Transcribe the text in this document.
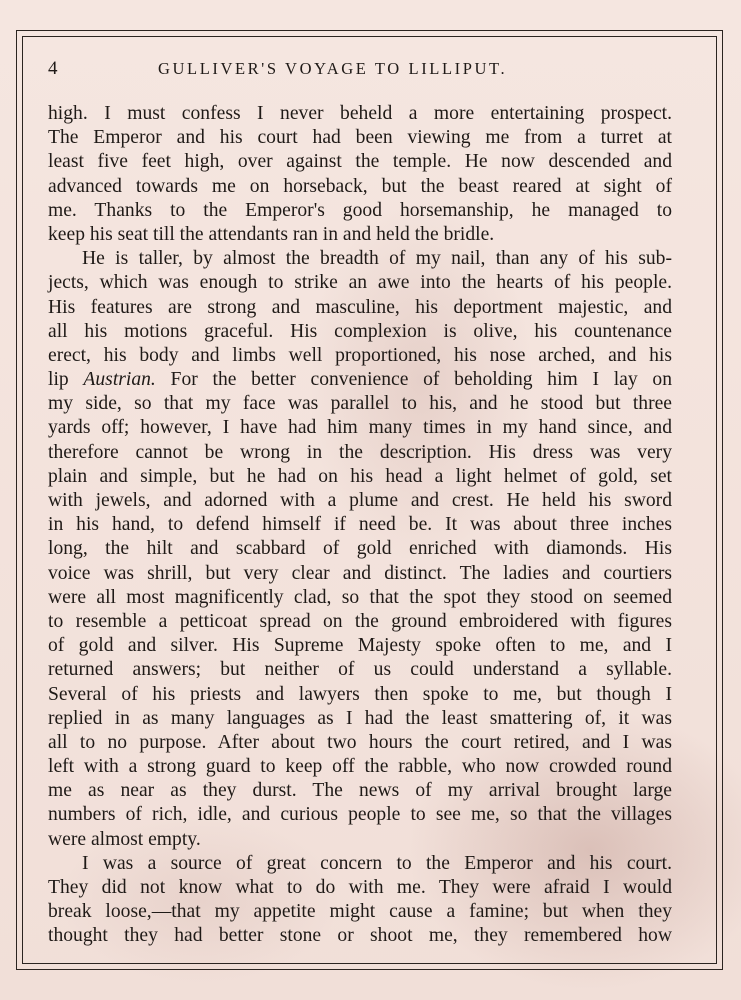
4	GULLIVER'S VOYAGE TO LILLIPUT.
high. I must confess I never beheld a more entertaining prospect.
The Emperor and his court had been viewing me from a turret at
least five feet high, over against the temple. He now descended and
advanced towards me on horseback, but the beast reared at sight of
me. Thanks to the Emperor's good horsemanship, he managed to
keep his seat till the attendants ran in and held the bridle.
He is taller, by almost the breadth of my nail, than any of his sub-
jects, which was enough to strike an awe into the hearts of his people.
His features are strong and masculine, his deportment majestic, and
all his motions graceful. His complexion is olive, his countenance
erect, his body and limbs well proportioned, his nose arched, and his
lip Austrian. For the better convenience of beholding him I lay on
my side, so that my face was parallel to his, and he stood but three
yards off; however, I have had him many times in my hand since, and
therefore cannot be wrong in the description. His dress was very
plain and simple, but he had on his head a light helmet of gold, set
with jewels, and adorned with a plume and crest. He held his sword
in his hand, to defend himself if need be. It was about three inches
long, the hilt and scabbard of gold enriched with diamonds. His
voice was shrill, but very clear and distinct. The ladies and courtiers
were all most magnificently clad, so that the spot they stood on seemed
to resemble a petticoat spread on the ground embroidered with figures
of gold and silver. His Supreme Majesty spoke often to me, and I
returned answers; but neither of us could understand a syllable.
Several of his priests and lawyers then spoke to me, but though I
replied in as many languages as I had the least smattering of, it was
all to no purpose. After about two hours the court retired, and I was
left with a strong guard to keep off the rabble, who now crowded round
me as near as they durst. The news of my arrival brought large
numbers of rich, idle, and curious people to see me, so that the villages
were almost empty.
I was a source of great concern to the Emperor and his court.
They did not know what to do with me. They were afraid I would
break loose,—that my appetite might cause a famine; but when they
thought they had better stone or shoot me, they remembered how
